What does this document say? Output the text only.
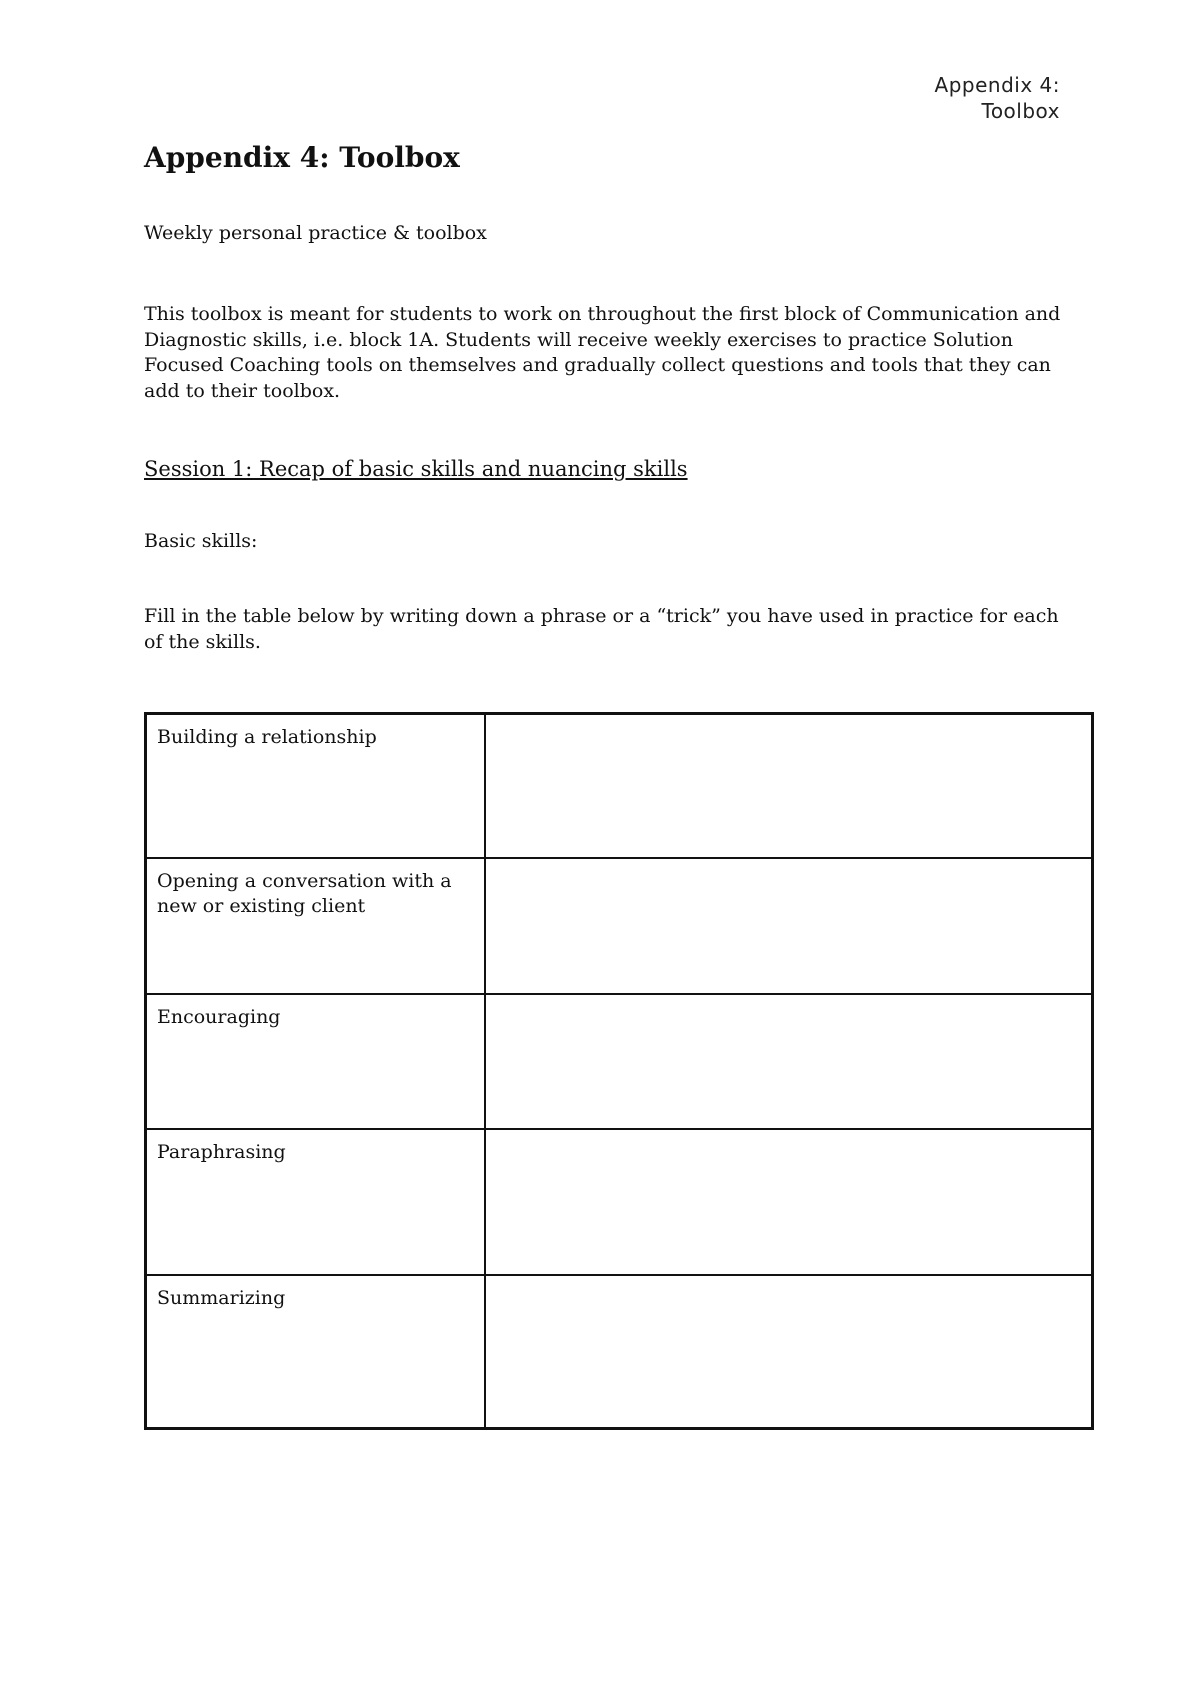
Appendix 4:
Toolbox
Appendix 4: Toolbox

Weekly personal practice & toolbox

This toolbox is meant for students to work on throughout the first block of Communication and Diagnostic skills, i.e. block 1A. Students will receive weekly exercises to practice Solution Focused Coaching tools on themselves and gradually collect questions and tools that they can add to their toolbox.

Session 1: Recap of basic skills and nuancing skills

Basic skills:

Fill in the table below by writing down a phrase or a “trick” you have used in practice for each of the skills.

Building a relationship	
Opening a conversation with a new or existing client	
Encouraging	
Paraphrasing	
Summarizing	
